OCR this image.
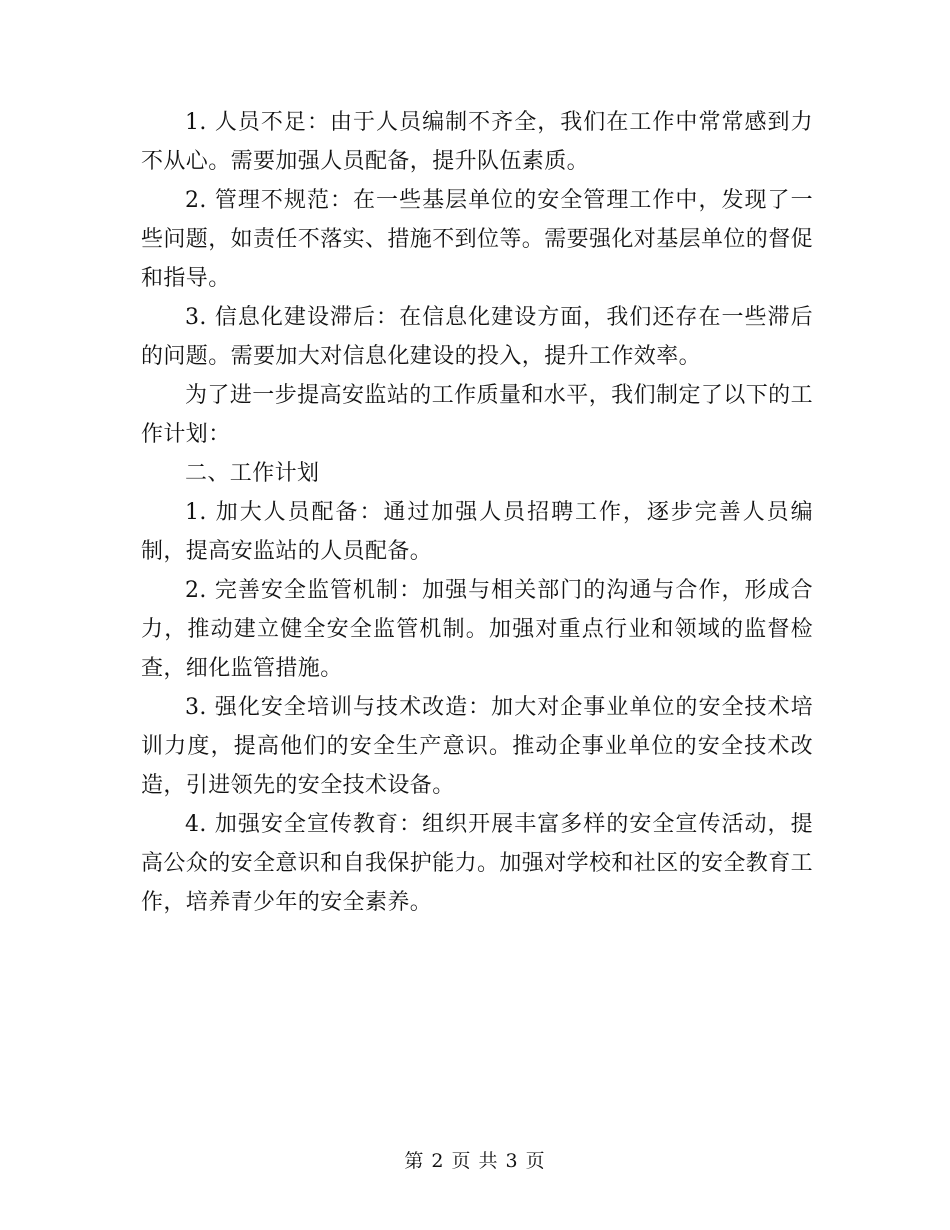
1. 人员不足：由于人员编制不齐全，我们在工作中常常感到力不从心。需要加强人员配备，提升队伍素质。

2. 管理不规范：在一些基层单位的安全管理工作中，发现了一些问题，如责任不落实、措施不到位等。需要强化对基层单位的督促和指导。

3. 信息化建设滞后：在信息化建设方面，我们还存在一些滞后的问题。需要加大对信息化建设的投入，提升工作效率。

为了进一步提高安监站的工作质量和水平，我们制定了以下的工作计划：

二、工作计划

1. 加大人员配备：通过加强人员招聘工作，逐步完善人员编制，提高安监站的人员配备。

2. 完善安全监管机制：加强与相关部门的沟通与合作，形成合力，推动建立健全安全监管机制。加强对重点行业和领域的监督检查，细化监管措施。

3. 强化安全培训与技术改造：加大对企事业单位的安全技术培训力度，提高他们的安全生产意识。推动企事业单位的安全技术改造，引进领先的安全技术设备。

4. 加强安全宣传教育：组织开展丰富多样的安全宣传活动，提高公众的安全意识和自我保护能力。加强对学校和社区的安全教育工作，培养青少年的安全素养。

第 2 页 共 3 页
